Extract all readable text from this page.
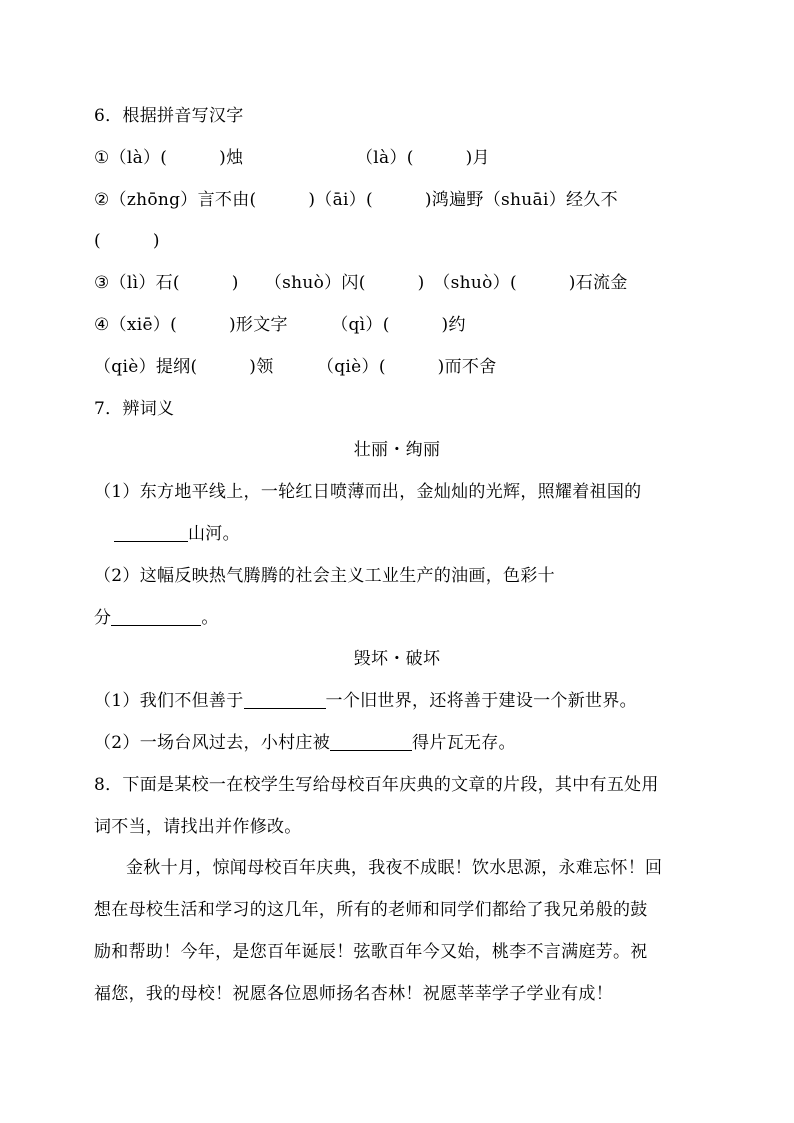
6．根据拼音写汉字
①（là）(　　　)烛　　　　　　　（là）(　　　)月
②（zhōng）言不由(　　　)（āi）(　　　)鸿遍野（shuāi）经久不
(　　　)
③（lì）石(　　　)　　（shuò）闪(　　　)　（shuò）(　　　)石流金
④（xiē）(　　　)形文字　　　（qì）(　　　)约
（qiè）提纲(　　　)领　　　（qiè）(　　　)而不舍
7．辨词义
壮丽・绚丽
（1）东方地平线上，一轮红日喷薄而出，金灿灿的光辉，照耀着祖国的
山河。
（2）这幅反映热气腾腾的社会主义工业生产的油画，色彩十
分	。
毁坏・破坏
（1）我们不但善于	一个旧世界，还将善于建设一个新世界。
（2）一场台风过去，小村庄被	得片瓦无存。
8．下面是某校一在校学生写给母校百年庆典的文章的片段，其中有五处用
词不当，请找出并作修改。
金秋十月，惊闻母校百年庆典，我夜不成眠！饮水思源，永难忘怀！回
想在母校生活和学习的这几年，所有的老师和同学们都给了我兄弟般的鼓
励和帮助！今年，是您百年诞辰！弦歌百年今又始，桃李不言满庭芳。祝
福您，我的母校！祝愿各位恩师扬名杏林！祝愿莘莘学子学业有成！
